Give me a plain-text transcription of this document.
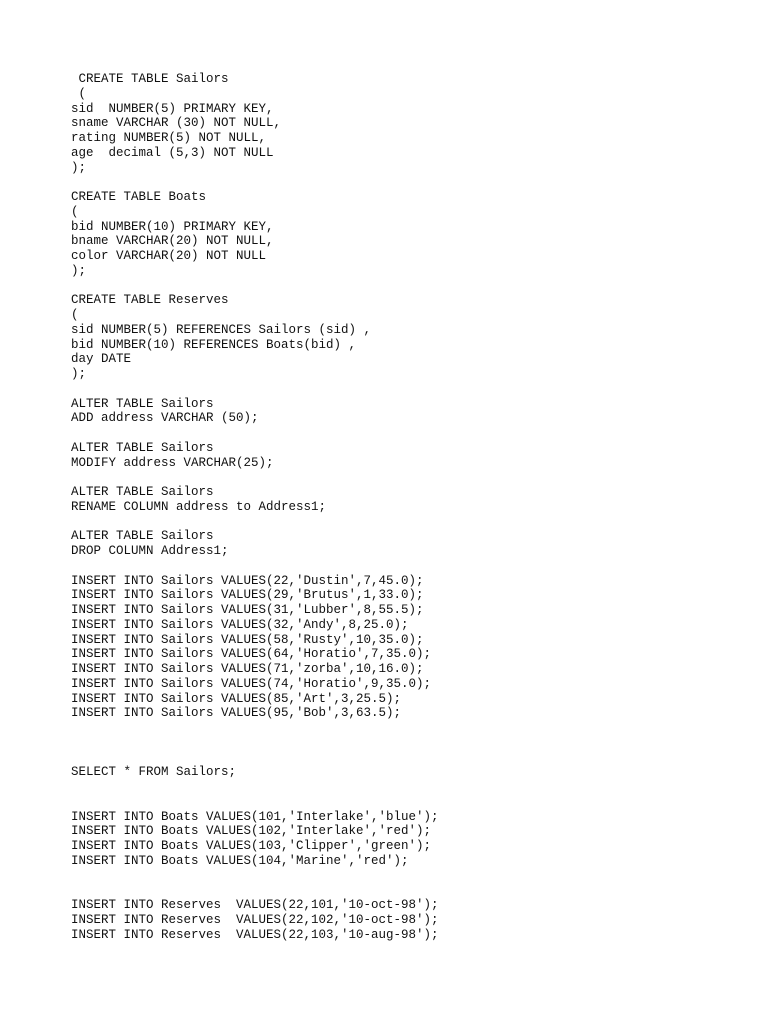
CREATE TABLE Sailors
(
sid  NUMBER(5) PRIMARY KEY,
sname VARCHAR (30) NOT NULL,
rating NUMBER(5) NOT NULL,
age  decimal (5,3) NOT NULL
);
CREATE TABLE Boats
(
bid NUMBER(10) PRIMARY KEY,
bname VARCHAR(20) NOT NULL,
color VARCHAR(20) NOT NULL
);
CREATE TABLE Reserves
(
sid NUMBER(5) REFERENCES Sailors (sid) ,
bid NUMBER(10) REFERENCES Boats(bid) ,
day DATE
);
ALTER TABLE Sailors
ADD address VARCHAR (50);
ALTER TABLE Sailors
MODIFY address VARCHAR(25);
ALTER TABLE Sailors
RENAME COLUMN address to Address1;
ALTER TABLE Sailors
DROP COLUMN Address1;
INSERT INTO Sailors VALUES(22,'Dustin',7,45.0);
INSERT INTO Sailors VALUES(29,'Brutus',1,33.0);
INSERT INTO Sailors VALUES(31,'Lubber',8,55.5);
INSERT INTO Sailors VALUES(32,'Andy',8,25.0);
INSERT INTO Sailors VALUES(58,'Rusty',10,35.0);
INSERT INTO Sailors VALUES(64,'Horatio',7,35.0);
INSERT INTO Sailors VALUES(71,'zorba',10,16.0);
INSERT INTO Sailors VALUES(74,'Horatio',9,35.0);
INSERT INTO Sailors VALUES(85,'Art',3,25.5);
INSERT INTO Sailors VALUES(95,'Bob',3,63.5);
SELECT * FROM Sailors;
INSERT INTO Boats VALUES(101,'Interlake','blue');
INSERT INTO Boats VALUES(102,'Interlake','red');
INSERT INTO Boats VALUES(103,'Clipper','green');
INSERT INTO Boats VALUES(104,'Marine','red');
INSERT INTO Reserves  VALUES(22,101,'10-oct-98');
INSERT INTO Reserves  VALUES(22,102,'10-oct-98');
INSERT INTO Reserves  VALUES(22,103,'10-aug-98');
